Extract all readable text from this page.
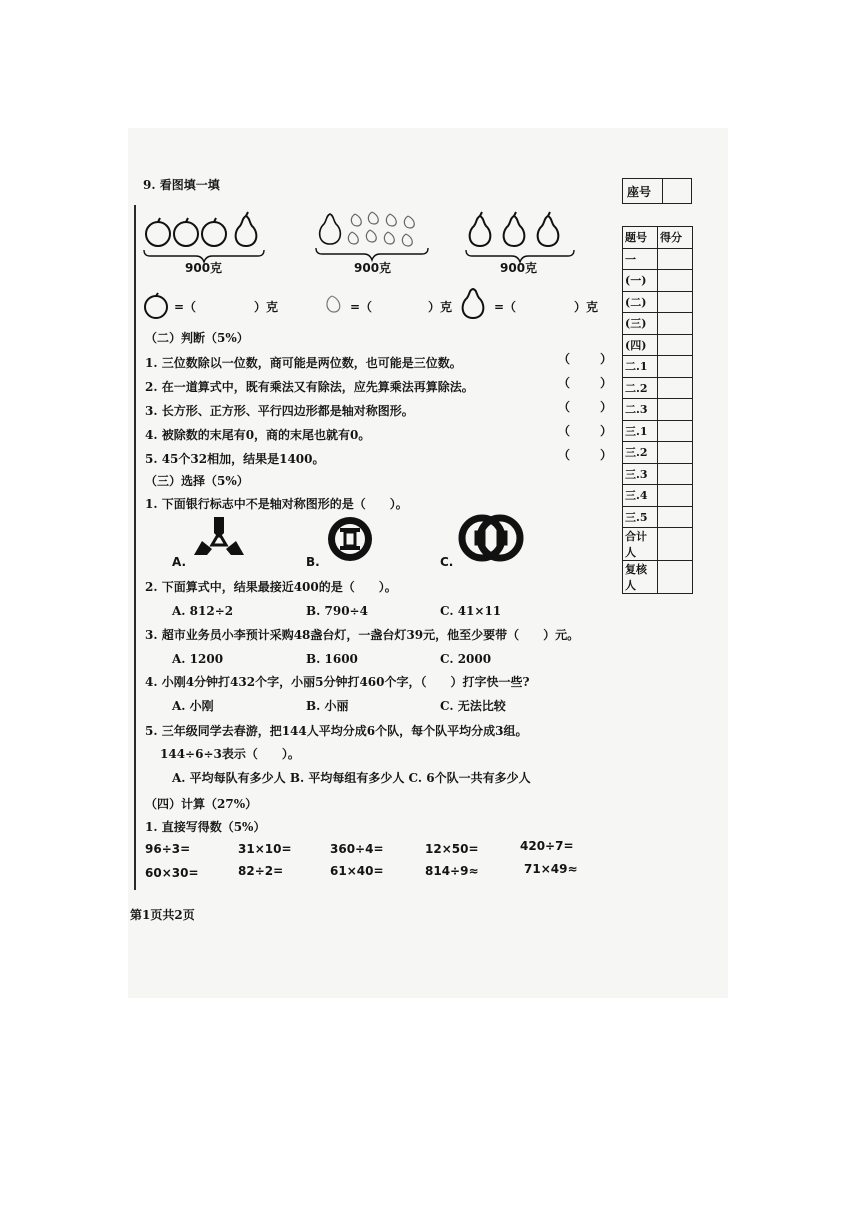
9. 看图填一填
900克	900克	900克
=（	）克	=（	）克	=（	）克
（二）判断（5%）
1. 三位数除以一位数，商可能是两位数，也可能是三位数。
2. 在一道算式中，既有乘法又有除法，应先算乘法再算除法。
3. 长方形、正方形、平行四边形都是轴对称图形。
4. 被除数的末尾有0，商的末尾也就有0。
5. 45个32相加，结果是1400。
（ ）
（ ）
（ ）
（ ）
（ ）
（三）选择（5%）
1. 下面银行标志中不是轴对称图形的是（　　）。
A.	B.	C.
2. 下面算式中，结果最接近400的是（　　）。
A. 812÷2	B. 790÷4	C. 41×11
3. 超市业务员小李预计采购48盏台灯，一盏台灯39元，他至少要带（　　）元。
A. 1200	B. 1600	C. 2000
4. 小刚4分钟打432个字，小丽5分钟打460个字，（　　）打字快一些?
A. 小刚	B. 小丽	C. 无法比较
5. 三年级同学去春游，把144人平均分成6个队，每个队平均分成3组。
144÷6÷3表示（　　）。
A. 平均每队有多少人 B. 平均每组有多少人 C. 6个队一共有多少人
（四）计算（27%）
1. 直接写得数（5%）
96÷3=	31×10=	360÷4=	12×50=	420÷7=
60×30=	82÷2=	61×40=	814÷9≈	71×49≈
座号
题号	得分
一	
(一)	
(二)	
(三)	
(四)	
二.1	
二.2	
二.3	
三.1	
三.2	
三.3	
三.4	
三.5	
合计人	
复核人	
第1页共2页
